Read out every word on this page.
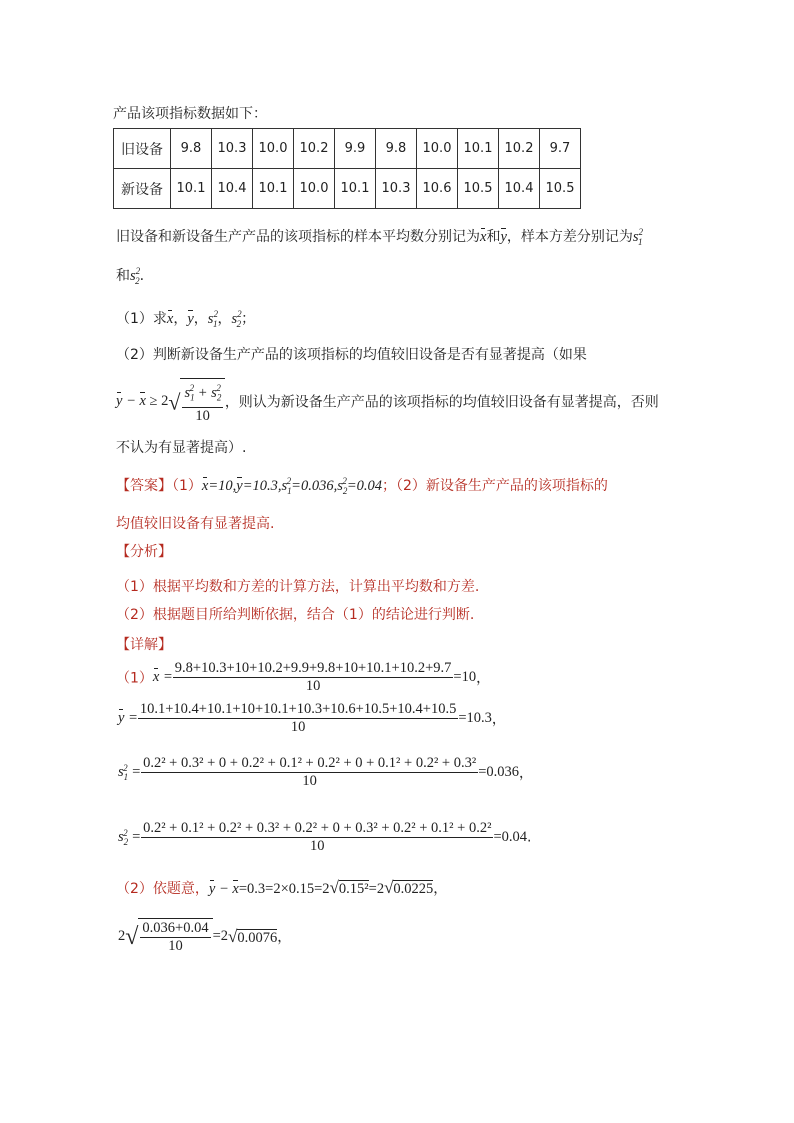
产品该项指标数据如下：
旧设备	9.8	10.3	10.0	10.2	9.9	9.8	10.0	10.1	10.2	9.7
新设备	10.1	10.4	10.1	10.0	10.1	10.3	10.6	10.5	10.4	10.5
旧设备和新设备生产产品的该项指标的样本平均数分别记为x和y，样本方差分别记为$s^2_1$
和$s^2_2$.
（1）求x，y，$s^2_1$，$s^2_2$；
（2）判断新设备生产产品的该项指标的均值较旧设备是否有显著提高（如果
$y - x \ge 2√ \frac{s_1^2 + s_2^2}{10}$ ，则认为新设备生产产品的该项指标的均值较旧设备有显著提高，否则
不认为有显著提高）.
【答案】$(1)x=10,y=10.3,s_1^2=0.036,s_2^2=0.04$；（2）新设备生产产品的该项指标的
均值较旧设备有显著提高.
【分析】
（1）根据平均数和方差的计算方法，计算出平均数和方差.
（2）根据题目所给判断依据，结合（1）的结论进行判断.
【详解】
$(1)x = \frac{9.8+10.3+10+10.2+9.9+9.8+10+10.1+10.2+9.7}{10} =10$，
$y = \frac{10.1+10.4+10.1+10+10.1+10.3+10.6+10.5+10.4+10.5}{10} =10.3$，
$s_1^2$ =
0.2² + 0.3² + 0 + 0.2² + 0.1² + 0.2² + 0 + 0.1² + 0.2² + 0.3²
10
=0.036，
$s_2^2$ =
0.2² + 0.1² + 0.2² + 0.3² + 0.2² + 0 + 0.3² + 0.2² + 0.1² + 0.2²
10
=0.04.
（2）依题意，y − x=0.3=2×0.15=2√0.15²=2√0.0225，
$2√ \frac{0.036+0.04}{10} =2√0.0076$，
